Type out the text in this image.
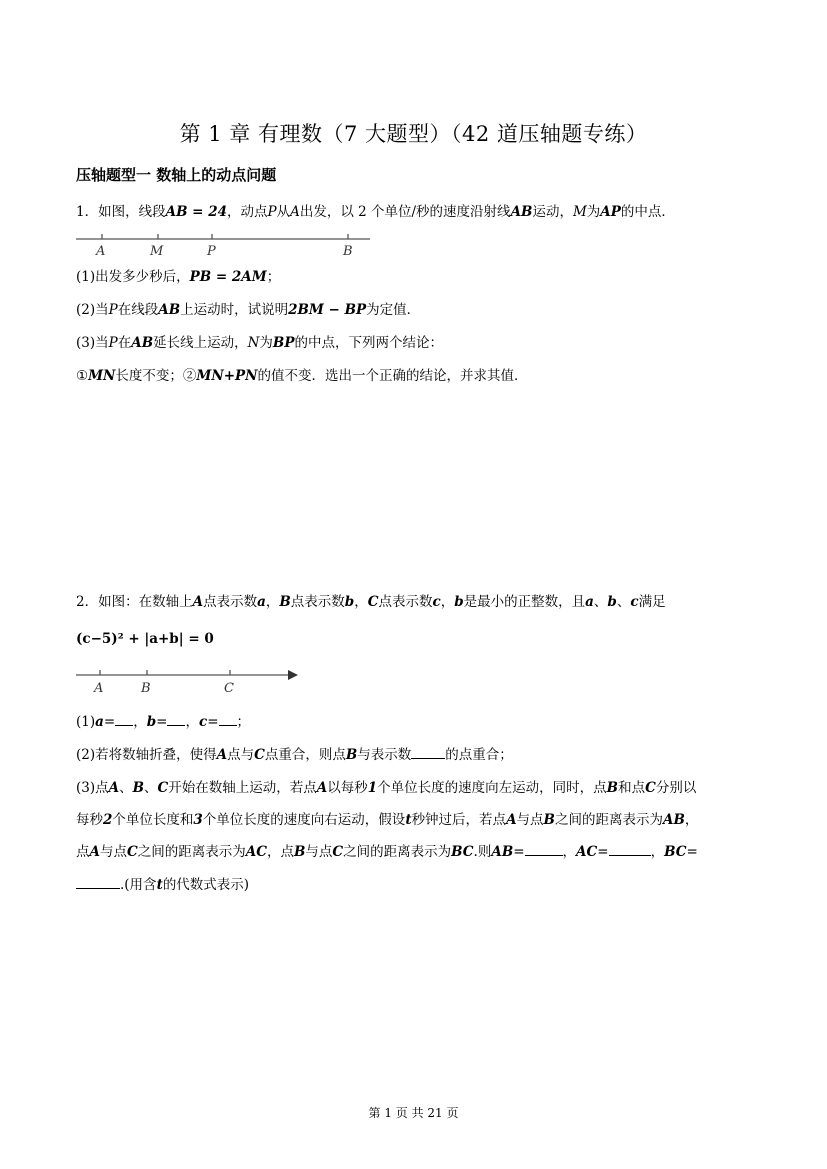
第 1 章 有理数（7 大题型）（42 道压轴题专练）
压轴题型一 数轴上的动点问题
1．如图，线段AB = 24，动点P从A出发，以 2 个单位/秒的速度沿射线AB运动，M为AP的中点．
A	M	P	B
(1)出发多少秒后，PB = 2AM；
(2)当P在线段AB上运动时，试说明2BM − BP为定值．
(3)当P在AB延长线上运动，N为BP的中点，下列两个结论：
①MN长度不变；②MN+PN的值不变．选出一个正确的结论，并求其值．
2．如图：在数轴上A点表示数a，B点表示数b，C点表示数c，b是最小的正整数，且a、b、c满足
(c−5)² + |a+b| = 0
A	B	C
(1)a= ，b= ，c= ；
(2)若将数轴折叠，使得A点与C点重合，则点B与表示数	的点重合；
(3)点A、B、C开始在数轴上运动，若点A以每秒1个单位长度的速度向左运动，同时，点B和点C分别以
每秒2个单位长度和3个单位长度的速度向右运动，假设t秒钟过后，若点A与点B之间的距离表示为AB，
点A与点C之间的距离表示为AC，点B与点C之间的距离表示为BC.则AB=	，AC=	，BC=
.(用含t的代数式表示)
第 1 页 共 21 页
